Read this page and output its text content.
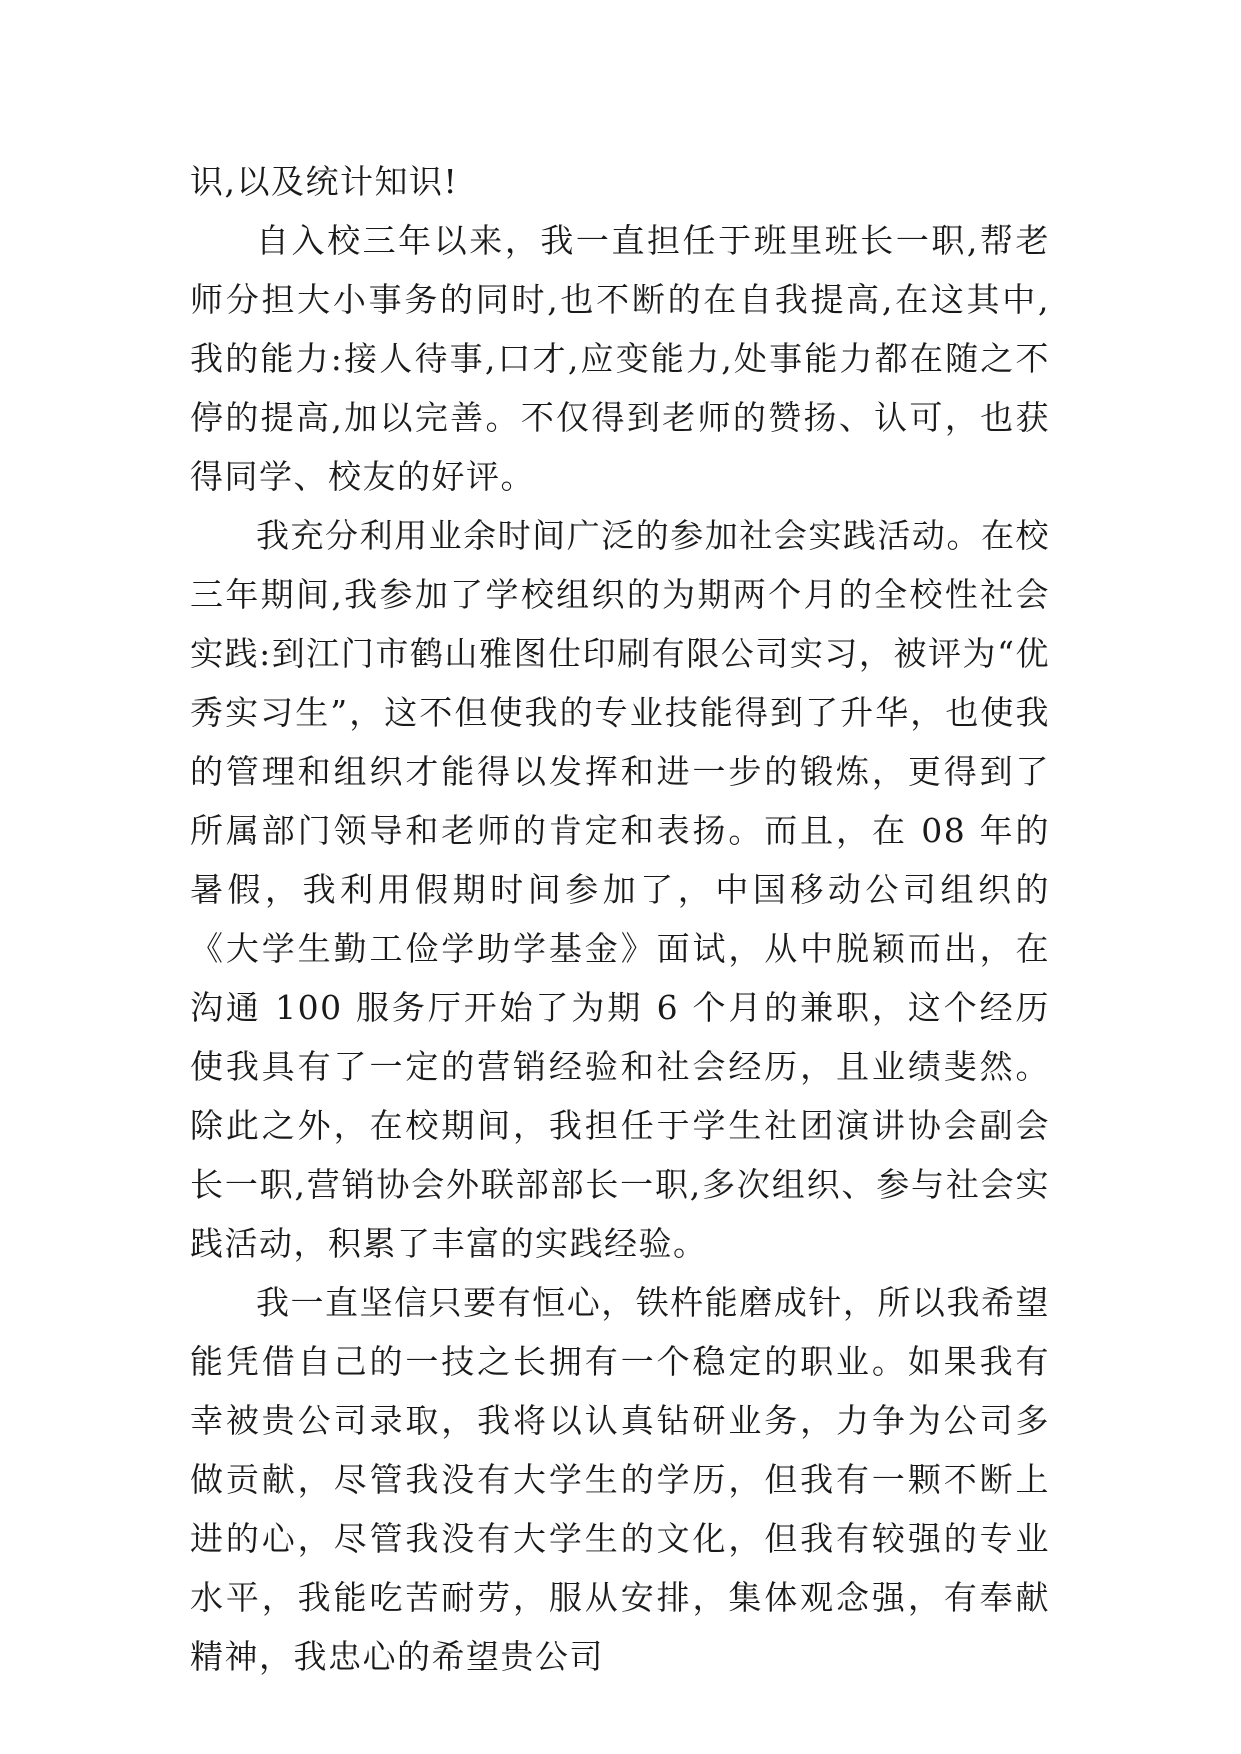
识,以及统计知识!

自入校三年以来，我一直担任于班里班长一职,帮老师分担大小事务的同时,也不断的在自我提高,在这其中,我的能力:接人待事,口才,应变能力,处事能力都在随之不停的提高,加以完善。不仅得到老师的赞扬、认可，也获得同学、校友的好评。

我充分利用业余时间广泛的参加社会实践活动。在校三年期间,我参加了学校组织的为期两个月的全校性社会实践:到江门市鹤山雅图仕印刷有限公司实习，被评为“优秀实习生”，这不但使我的专业技能得到了升华，也使我的管理和组织才能得以发挥和进一步的锻炼，更得到了所属部门领导和老师的肯定和表扬。而且，在 08 年的暑假，我利用假期时间参加了，中国移动公司组织的《大学生勤工俭学助学基金》面试，从中脱颖而出，在沟通 100 服务厅开始了为期 6 个月的兼职，这个经历使我具有了一定的营销经验和社会经历，且业绩斐然。除此之外，在校期间，我担任于学生社团演讲协会副会长一职,营销协会外联部部长一职,多次组织、参与社会实践活动，积累了丰富的实践经验。

我一直坚信只要有恒心，铁杵能磨成针，所以我希望能凭借自己的一技之长拥有一个稳定的职业。如果我有幸被贵公司录取，我将以认真钻研业务，力争为公司多做贡献，尽管我没有大学生的学历，但我有一颗不断上进的心，尽管我没有大学生的文化，但我有较强的专业水平，我能吃苦耐劳，服从安排，集体观念强，有奉献精神，我忠心的希望贵公司
